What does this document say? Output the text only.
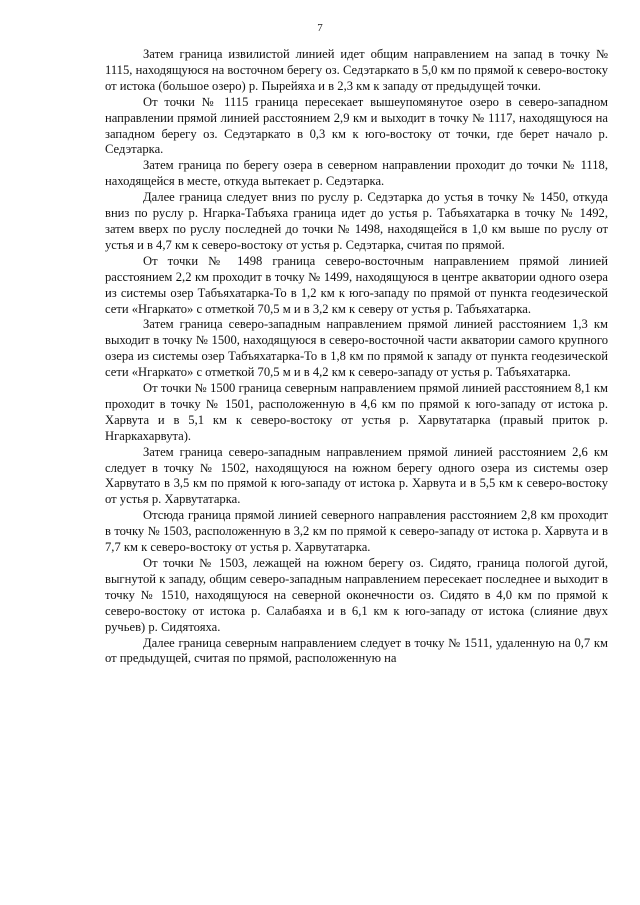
7

Затем граница извилистой линией идет общим направлением на запад в точку № 1115, находящуюся на восточном берегу оз. Седэтаркато в 5,0 км по прямой к северо-востоку от истока (большое озеро) р. Пырейяха и в 2,3 км к западу от предыдущей точки.

От точки № 1115 граница пересекает вышеупомянутое озеро в северо-западном направлении прямой линией расстоянием 2,9 км и выходит в точку № 1117, находящуюся на западном берегу оз. Седэтаркато в 0,3 км к юго-востоку от точки, где берет начало р. Седэтарка.

Затем граница по берегу озера в северном направлении проходит до точки № 1118, находящейся в месте, откуда вытекает р. Седэтарка.

Далее граница следует вниз по руслу р. Седэтарка до устья в точку № 1450, откуда вниз по руслу р. Нгарка-Табъяха граница идет до устья р. Табъяхатарка в точку № 1492, затем вверх по руслу последней до точки № 1498, находящейся в 1,0 км выше по руслу от устья и в 4,7 км к северо-востоку от устья р. Седэтарка, считая по прямой.

От точки № 1498 граница северо-восточным направлением прямой линией расстоянием 2,2 км проходит в точку № 1499, находящуюся в центре акватории одного озера из системы озер Табъяхатарка-То в 1,2 км к юго-западу по прямой от пункта геодезической сети «Нгаркато» с отметкой 70,5 м и в 3,2 км к северу от устья р. Табъяхатарка.

Затем граница северо-западным направлением прямой линией расстоянием 1,3 км выходит в точку № 1500, находящуюся в северо-восточной части акватории самого крупного озера из системы озер Табъяхатарка-То в 1,8 км по прямой к западу от пункта геодезической сети «Нгаркато» с отметкой 70,5 м и в 4,2 км к северо-западу от устья р. Табъяхатарка.

От точки № 1500 граница северным направлением прямой линией расстоянием 8,1 км проходит в точку № 1501, расположенную в 4,6 км по прямой к юго-западу от истока р. Харвута и в 5,1 км к северо-востоку от устья р. Харвутатарка (правый приток р. Нгаркахарвута).

Затем граница северо-западным направлением прямой линией расстоянием 2,6 км следует в точку № 1502, находящуюся на южном берегу одного озера из системы озер Харвутато в 3,5 км по прямой к юго-западу от истока р. Харвута и в 5,5 км к северо-востоку от устья р. Харвутатарка.

Отсюда граница прямой линией северного направления расстоянием 2,8 км проходит в точку № 1503, расположенную в 3,2 км по прямой к северо-западу от истока р. Харвута и в 7,7 км к северо-востоку от устья р. Харвутатарка.

От точки № 1503, лежащей на южном берегу оз. Сидято, граница пологой дугой, выгнутой к западу, общим северо-западным направлением пересекает последнее и выходит в точку № 1510, находящуюся на северной оконечности оз. Сидято в 4,0 км по прямой к северо-востоку от истока р. Салабаяха и в 6,1 км к юго-западу от истока (слияние двух ручьев) р. Сидятояха.

Далее граница северным направлением следует в точку № 1511, удаленную на 0,7 км от предыдущей, считая по прямой, расположенную на
